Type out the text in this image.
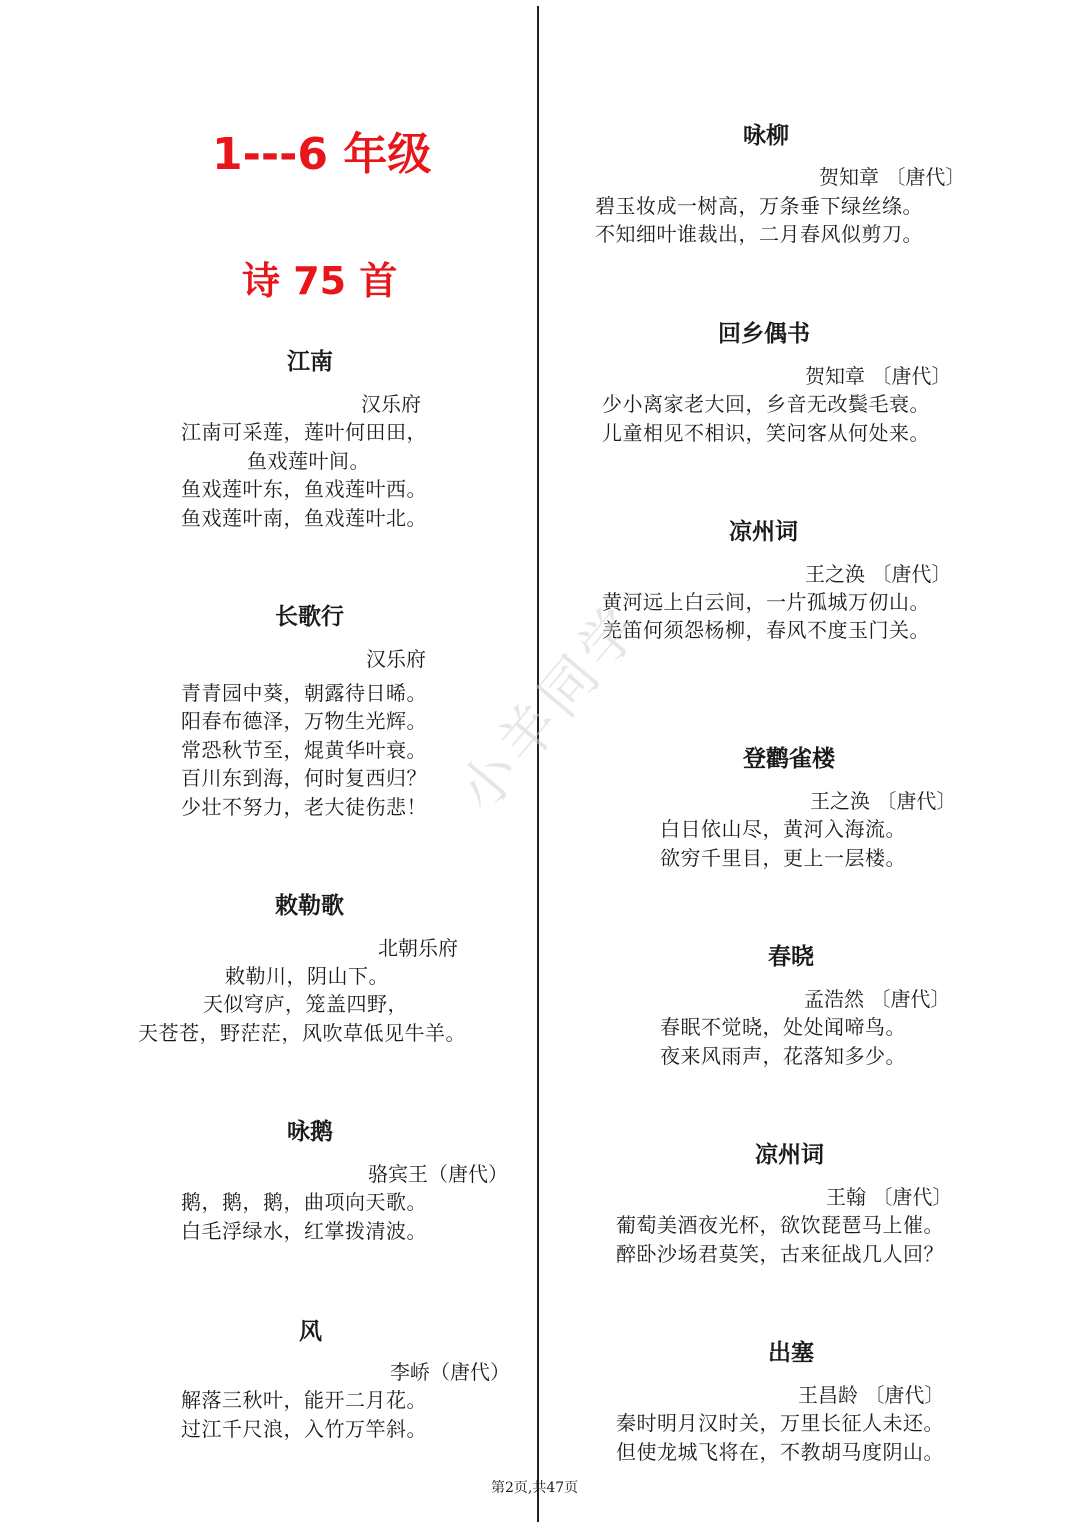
1---6 年级
诗 75 首
江南
汉乐府
江南可采莲，莲叶何田田，
鱼戏莲叶间。
鱼戏莲叶东，鱼戏莲叶西。
鱼戏莲叶南，鱼戏莲叶北。
长歌行
汉乐府
青青园中葵，朝露待日晞。
阳春布德泽，万物生光辉。
常恐秋节至，焜黄华叶衰。
百川东到海，何时复西归？
少壮不努力，老大徒伤悲！
敕勒歌
北朝乐府
敕勒川，阴山下。
天似穹庐，笼盖四野，
天苍苍，野茫茫，风吹草低见牛羊。
咏鹅
骆宾王（唐代）
鹅，鹅，鹅，曲项向天歌。
白毛浮绿水，红掌拨清波。
风
李峤（唐代）
解落三秋叶，能开二月花。
过江千尺浪，入竹万竿斜。
咏柳
贺知章 〔唐代〕
碧玉妆成一树高，万条垂下绿丝绦。
不知细叶谁裁出，二月春风似剪刀。
回乡偶书
贺知章 〔唐代〕
少小离家老大回，乡音无改鬓毛衰。
儿童相见不相识，笑问客从何处来。
凉州词
王之涣 〔唐代〕
黄河远上白云间，一片孤城万仞山。
羌笛何须怨杨柳，春风不度玉门关。
登鹳雀楼
王之涣 〔唐代〕
白日依山尽，黄河入海流。
欲穷千里目，更上一层楼。
春晓
孟浩然 〔唐代〕
春眠不觉晓，处处闻啼鸟。
夜来风雨声，花落知多少。
凉州词
王翰 〔唐代〕
葡萄美酒夜光杯，欲饮琵琶马上催。
醉卧沙场君莫笑，古来征战几人回？
出塞
王昌龄 〔唐代〕
秦时明月汉时关，万里长征人未还。
但使龙城飞将在，不教胡马度阴山。
小羊同学
第2页,共47页
